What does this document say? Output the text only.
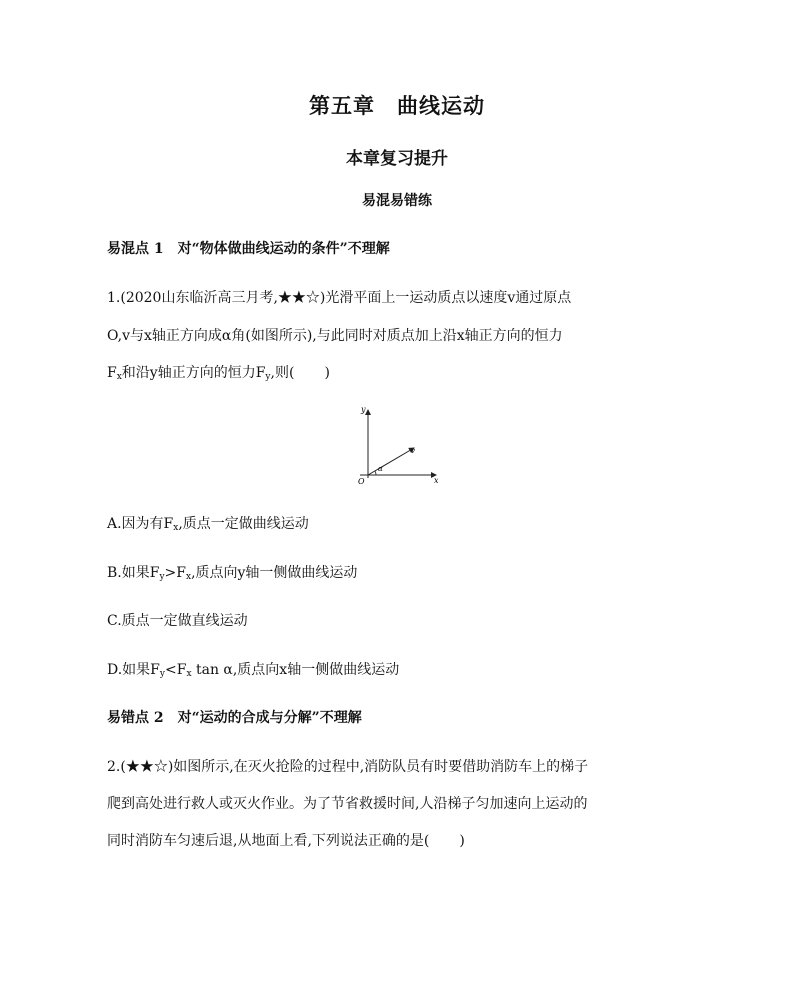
第五章 曲线运动
本章复习提升
易混易错练
易混点 1　对“物体做曲线运动的条件”不理解
1.(2020山东临沂高三月考,★★☆)光滑平面上一运动质点以速度v通过原点
O,v与x轴正方向成α角(如图所示),与此同时对质点加上沿x轴正方向的恒力
$F_x$和沿y轴正方向的恒力$F_y$,则( )
y
x
O
v
α
A.因为有$F_x$,质点一定做曲线运动
B.如果$F_y>F_x$,质点向y轴一侧做曲线运动
C.质点一定做直线运动
D.如果$F_y<F_x$ tan α,质点向x轴一侧做曲线运动
易错点 2　对“运动的合成与分解”不理解
2.(★★☆)如图所示,在灭火抢险的过程中,消防队员有时要借助消防车上的梯子
爬到高处进行救人或灭火作业。为了节省救援时间,人沿梯子匀加速向上运动的
同时消防车匀速后退,从地面上看,下列说法正确的是( )
